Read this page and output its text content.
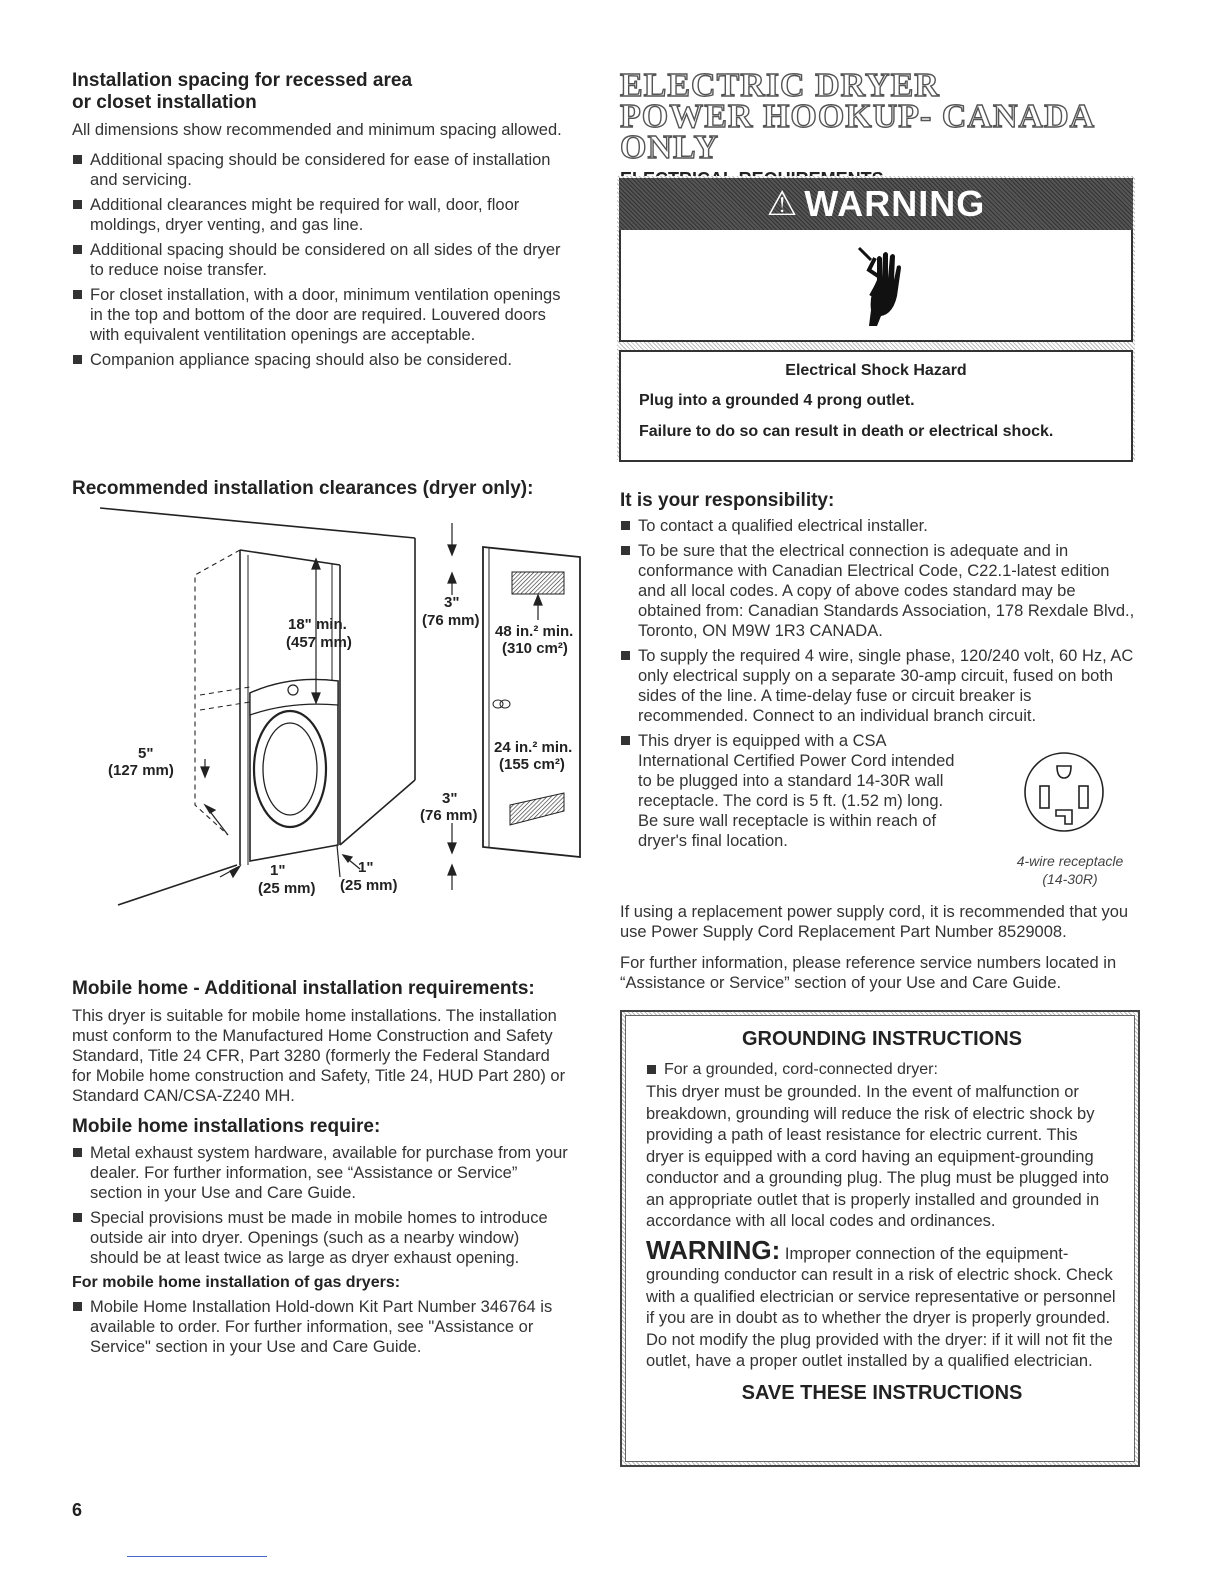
Installation spacing for recessed area
or closet installation
All dimensions show recommended and minimum spacing allowed.
Additional spacing should be considered for ease of installation and servicing.
Additional clearances might be required for wall, door, floor moldings, dryer venting, and gas line.
Additional spacing should be considered on all sides of the dryer to reduce noise transfer.
For closet installation, with a door, minimum ventilation openings in the top and bottom of the door are required. Louvered doors with equivalent ventilitation openings are acceptable.
Companion appliance spacing should also be considered.
Recommended installation clearances (dryer only):
18" min.
(457 mm)
3"
(76 mm)
48 in.² min.
(310 cm²)
24 in.² min.
(155 cm²)
3"
(76 mm)
5"
(127 mm)
1"
(25 mm)
1"
(25 mm)
Mobile home - Additional installation requirements:
This dryer is suitable for mobile home installations. The installation must conform to the Manufactured Home Construction and Safety Standard, Title 24 CFR, Part 3280 (formerly the Federal Standard for Mobile home construction and Safety, Title 24, HUD Part 280) or Standard CAN/CSA-Z240 MH.
Mobile home installations require:
Metal exhaust system hardware, available for purchase from your dealer. For further information, see “Assistance or Service” section in your Use and Care Guide.
Special provisions must be made in mobile homes to introduce outside air into dryer. Openings (such as a nearby window) should be at least twice as large as dryer exhaust opening.
For mobile home installation of gas dryers:
Mobile Home Installation Hold-down Kit Part Number 346764 is available to order. For further information, see "Assistance or Service" section in your Use and Care Guide.
6
ELECTRIC DRYER
POWER HOOKUP- CANADA ONLY
⚠ WARNING
Electrical Shock Hazard
Plug into a grounded 4 prong outlet.
Failure to do so can result in death or electrical shock.
It is your responsibility:
To contact a qualified electrical installer.
To be sure that the electrical connection is adequate and in conformance with Canadian Electrical Code, C22.1-latest edition and all local codes. A copy of above codes standard may be obtained from: Canadian Standards Association, 178 Rexdale Blvd., Toronto, ON M9W 1R3 CANADA.
To supply the required 4 wire, single phase, 120/240 volt, 60 Hz, AC only electrical supply on a separate 30-amp circuit, fused on both sides of the line. A time-delay fuse or circuit breaker is recommended. Connect to an individual branch circuit.
This dryer is equipped with a CSA International Certified Power Cord intended to be plugged into a standard 14-30R wall receptacle. The cord is 5 ft. (1.52 m) long. Be sure wall receptacle is within reach of dryer's final location.
4-wire receptacle
(14-30R)
If using a replacement power supply cord, it is recommended that you use Power Supply Cord Replacement Part Number 8529008.
For further information, please reference service numbers located in “Assistance or Service” section of your Use and Care Guide.
GROUNDING INSTRUCTIONS
For a grounded, cord-connected dryer:
This dryer must be grounded. In the event of malfunction or breakdown, grounding will reduce the risk of electric shock by providing a path of least resistance for electric current. This dryer is equipped with a cord having an equipment-grounding conductor and a grounding plug. The plug must be plugged into an appropriate outlet that is properly installed and grounded in accordance with all local codes and ordinances.
WARNING: Improper connection of the equipment-grounding conductor can result in a risk of electric shock. Check with a qualified electrician or service representative or personnel if you are in doubt as to whether the dryer is properly grounded. Do not modify the plug provided with the dryer: if it will not fit the outlet, have a proper outlet installed by a qualified electrician.
SAVE THESE INSTRUCTIONS
